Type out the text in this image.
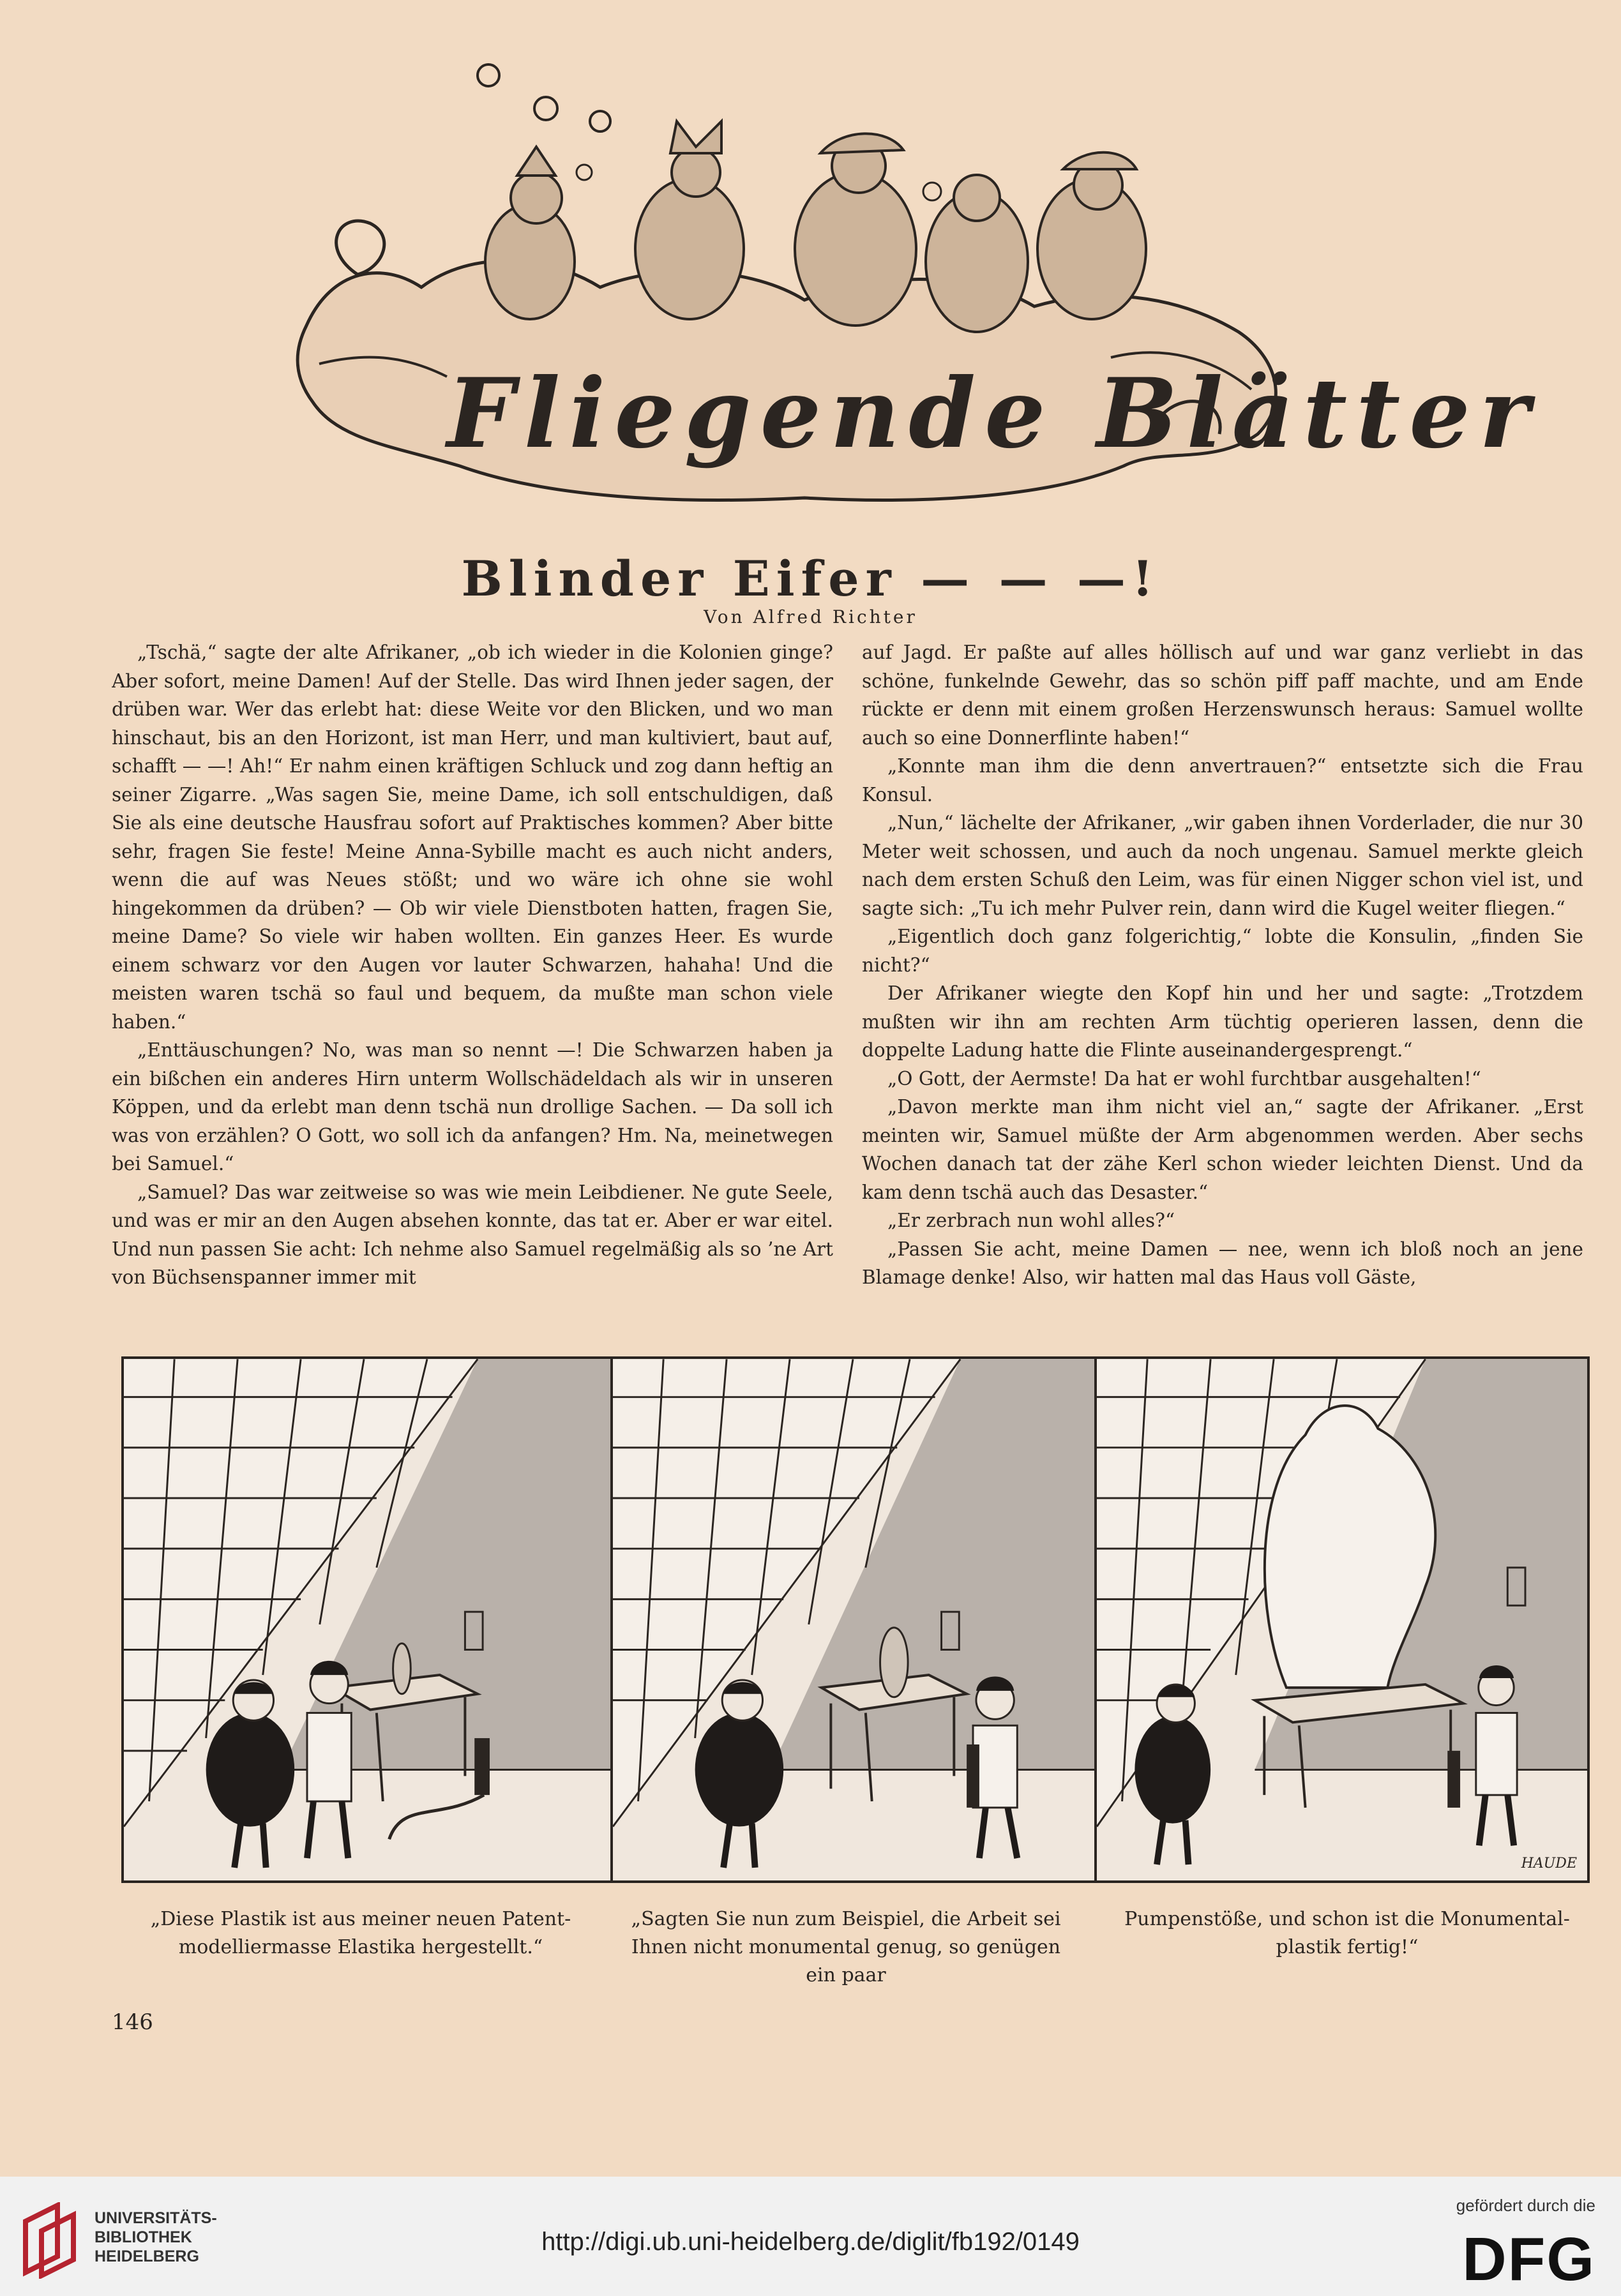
Fliegende Blätter
Blinder Eifer — — —!
Von Alfred Richter

„Tschä,“ sagte der alte Afrikaner, „ob ich wieder in die Kolonien ginge? Aber sofort, meine Damen! Auf der Stelle. Das wird Ihnen jeder sagen, der drüben war. Wer das erlebt hat: diese Weite vor den Blicken, und wo man hinschaut, bis an den Horizont, ist man Herr, und man kultiviert, baut auf, schafft — —! Ah!“ Er nahm einen kräftigen Schluck und zog dann heftig an seiner Zigarre. „Was sagen Sie, meine Dame, ich soll entschuldigen, daß Sie als eine deutsche Hausfrau sofort auf Praktisches kommen? Aber bitte sehr, fragen Sie feste! Meine Anna-Sybille macht es auch nicht anders, wenn die auf was Neues stößt; und wo wäre ich ohne sie wohl hingekommen da drüben? — Ob wir viele Dienstboten hatten, fragen Sie, meine Dame? So viele wir haben wollten. Ein ganzes Heer. Es wurde einem schwarz vor den Augen vor lauter Schwarzen, hahaha! Und die meisten waren tschä so faul und bequem, da mußte man schon viele haben.“

„Enttäuschungen? No, was man so nennt —! Die Schwarzen haben ja ein bißchen ein anderes Hirn unterm Wollschädeldach als wir in unseren Köppen, und da erlebt man denn tschä nun drollige Sachen. — Da soll ich was von erzählen? O Gott, wo soll ich da anfangen? Hm. Na, meinetwegen bei Samuel.“

„Samuel? Das war zeitweise so was wie mein Leibdiener. Ne gute Seele, und was er mir an den Augen absehen konnte, das tat er. Aber er war eitel. Und nun passen Sie acht: Ich nehme also Samuel regelmäßig als so ’ne Art von Büchsenspanner immer mit

auf Jagd. Er paßte auf alles höllisch auf und war ganz verliebt in das schöne, funkelnde Gewehr, das so schön piff paff machte, und am Ende rückte er denn mit einem großen Herzenswunsch heraus: Samuel wollte auch so eine Donnerflinte haben!“

„Konnte man ihm die denn anvertrauen?“ entsetzte sich die Frau Konsul.

„Nun,“ lächelte der Afrikaner, „wir gaben ihnen Vorderlader, die nur 30 Meter weit schossen, und auch da noch ungenau. Samuel merkte gleich nach dem ersten Schuß den Leim, was für einen Nigger schon viel ist, und sagte sich: „Tu ich mehr Pulver rein, dann wird die Kugel weiter fliegen.“

„Eigentlich doch ganz folgerichtig,“ lobte die Konsulin, „finden Sie nicht?“

Der Afrikaner wiegte den Kopf hin und her und sagte: „Trotzdem mußten wir ihn am rechten Arm tüchtig operieren lassen, denn die doppelte Ladung hatte die Flinte auseinandergesprengt.“

„O Gott, der Aermste! Da hat er wohl furchtbar ausgehalten!“

„Davon merkte man ihm nicht viel an,“ sagte der Afrikaner. „Erst meinten wir, Samuel müßte der Arm abgenommen werden. Aber sechs Wochen danach tat der zähe Kerl schon wieder leichten Dienst. Und da kam denn tschä auch das Desaster.“

„Er zerbrach nun wohl alles?“

„Passen Sie acht, meine Damen — nee, wenn ich bloß noch an jene Blamage denke! Also, wir hatten mal das Haus voll Gäste,

HAUDE
„Diese Plastik ist aus meiner neuen Patentmodelliermasse Elastika hergestellt.“
„Sagten Sie nun zum Beispiel, die Arbeit sei Ihnen nicht monumental genug, so genügen ein paar
Pumpenstöße, und schon ist die Monumentalplastik fertig!“
146
UNIVERSITÄTS-
BIBLIOTHEK
HEIDELBERG
http://digi.ub.uni-heidelberg.de/diglit/fb192/0149
gefördert durch die
DFG
